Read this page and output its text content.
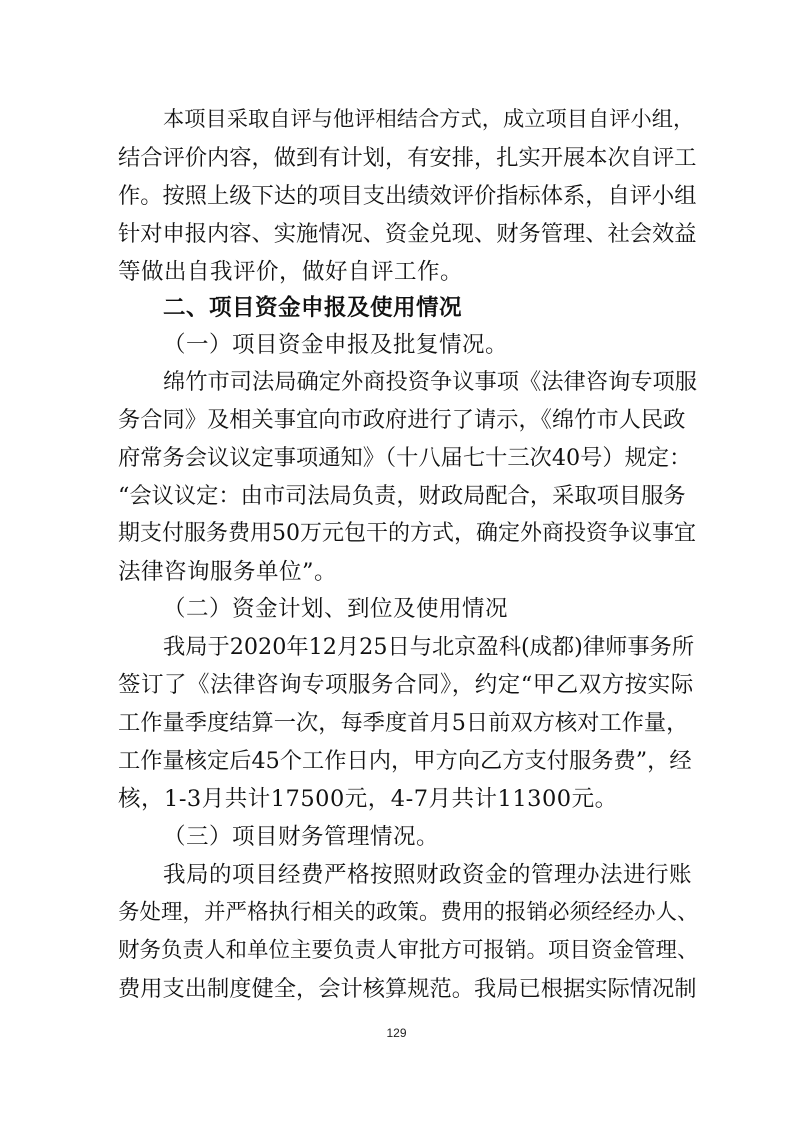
本项目采取自评与他评相结合方式，成立项目自评小组，
结合评价内容，做到有计划，有安排，扎实开展本次自评工
作。按照上级下达的项目支出绩效评价指标体系，自评小组
针对申报内容、实施情况、资金兑现、财务管理、社会效益
等做出自我评价，做好自评工作。
二、项目资金申报及使用情况
（一）项目资金申报及批复情况。
绵竹市司法局确定外商投资争议事项《法律咨询专项服
务合同》及相关事宜向市政府进行了请示，《绵竹市人民政
府常务会议议定事项通知》（十八届七十三次40号）规定：
“会议议定：由市司法局负责，财政局配合，采取项目服务
期支付服务费用50万元包干的方式，确定外商投资争议事宜
法律咨询服务单位”。
（二）资金计划、到位及使用情况
我局于2020年12月25日与北京盈科(成都)律师事务所
签订了《法律咨询专项服务合同》，约定“甲乙双方按实际
工作量季度结算一次，每季度首月5日前双方核对工作量，
工作量核定后45个工作日内，甲方向乙方支付服务费”，经
核，1-3月共计17500元，4-7月共计11300元。
（三）项目财务管理情况。
我局的项目经费严格按照财政资金的管理办法进行账
务处理，并严格执行相关的政策。费用的报销必须经经办人、
财务负责人和单位主要负责人审批方可报销。项目资金管理、
费用支出制度健全，会计核算规范。我局已根据实际情况制
129
